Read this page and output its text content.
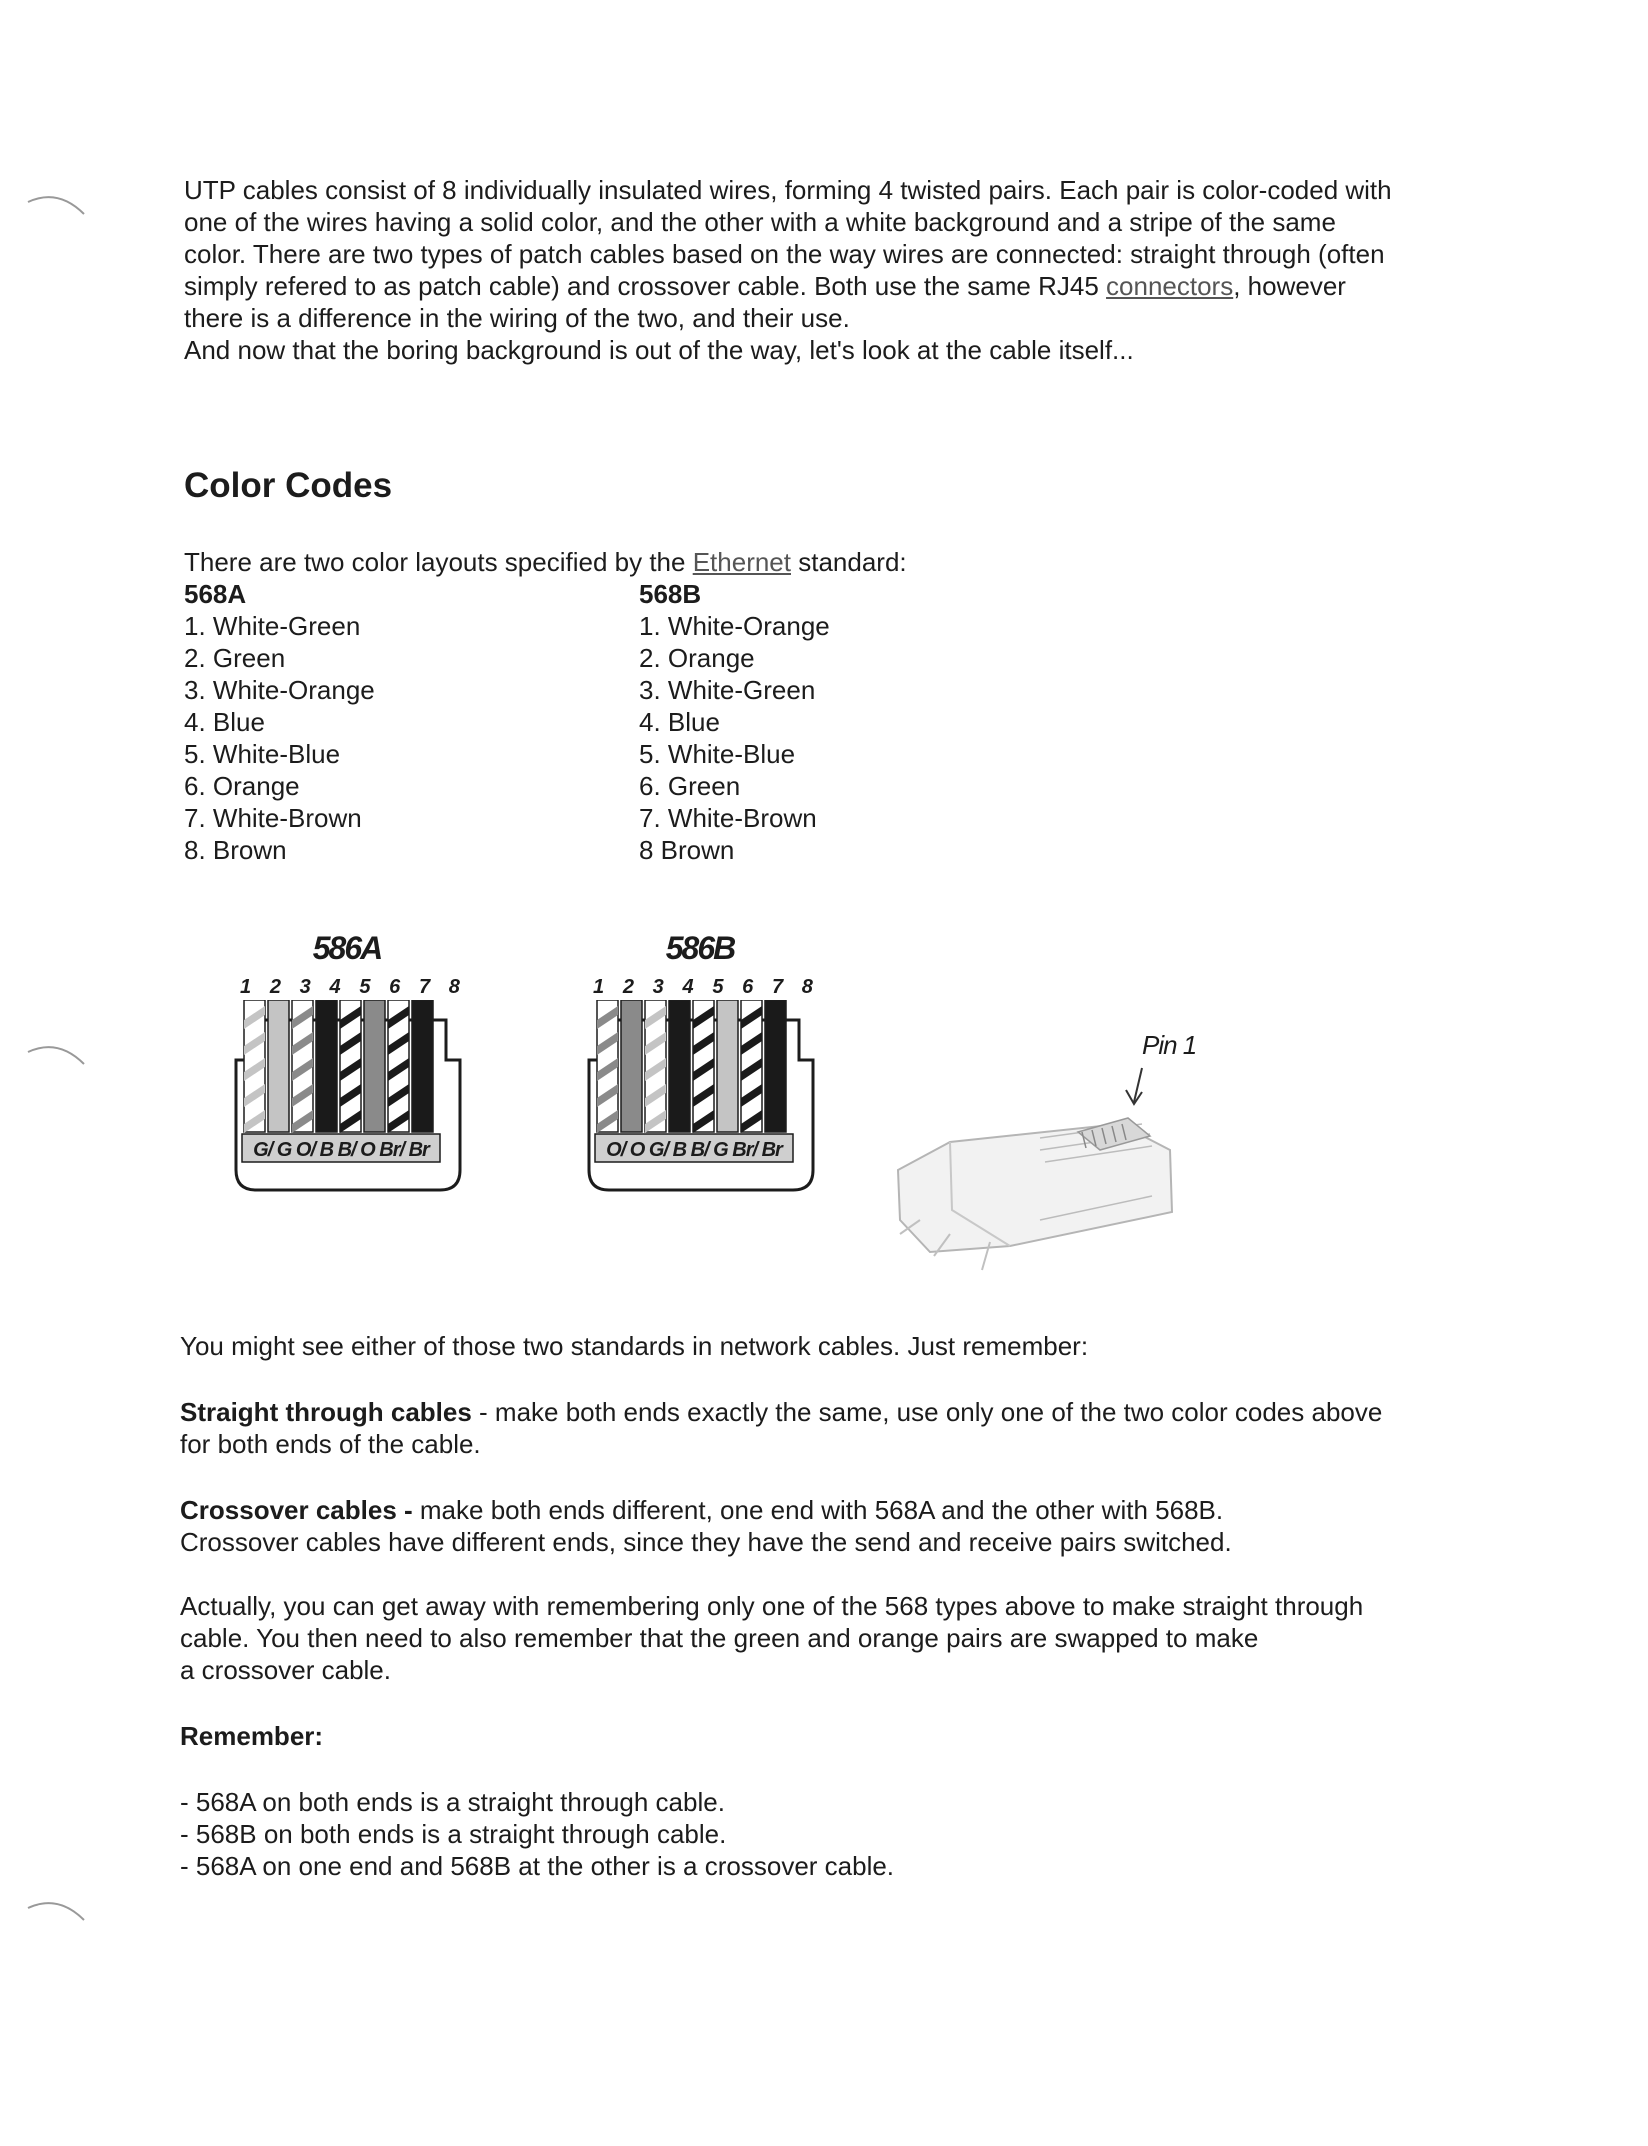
UTP cables consist of 8 individually insulated wires, forming 4 twisted pairs. Each pair is color-coded with
one of the wires having a solid color, and the other with a white background and a stripe of the same
color. There are two types of patch cables based on the way wires are connected: straight through (often
simply refered to as patch cable) and crossover cable. Both use the same RJ45 connectors, however
there is a difference in the wiring of the two, and their use.
And now that the boring background is out of the way, let's look at the cable itself...

Color Codes
There are two color layouts specified by the Ethernet standard:
568A
1. White-Green
2. Green
3. White-Orange
4. Blue
5. White-Blue
6. Orange
7. White-Brown
8. Brown
568B
1. White-Orange
2. Orange
3. White-Green
4. Blue
5. White-Blue
6. Green
7. White-Brown
8 Brown
586A
1 2 3 4 5 6 7 8
G/ G O/ B B/ O Br/ Br
586B
1 2 3 4 5 6 7 8
O/ O G/ B B/ G Br/ Br
Pin 1

You might see either of those two standards in network cables. Just remember:

Straight through cables - make both ends exactly the same, use only one of the two color codes above
for both ends of the cable.

Crossover cables - make both ends different, one end with 568A and the other with 568B.
Crossover cables have different ends, since they have the send and receive pairs switched.

Actually, you can get away with remembering only one of the 568 types above to make straight through
cable. You then need to also remember that the green and orange pairs are swapped to make
a crossover cable.

Remember:

- 568A on both ends is a straight through cable.
- 568B on both ends is a straight through cable.
- 568A on one end and 568B at the other is a crossover cable.
